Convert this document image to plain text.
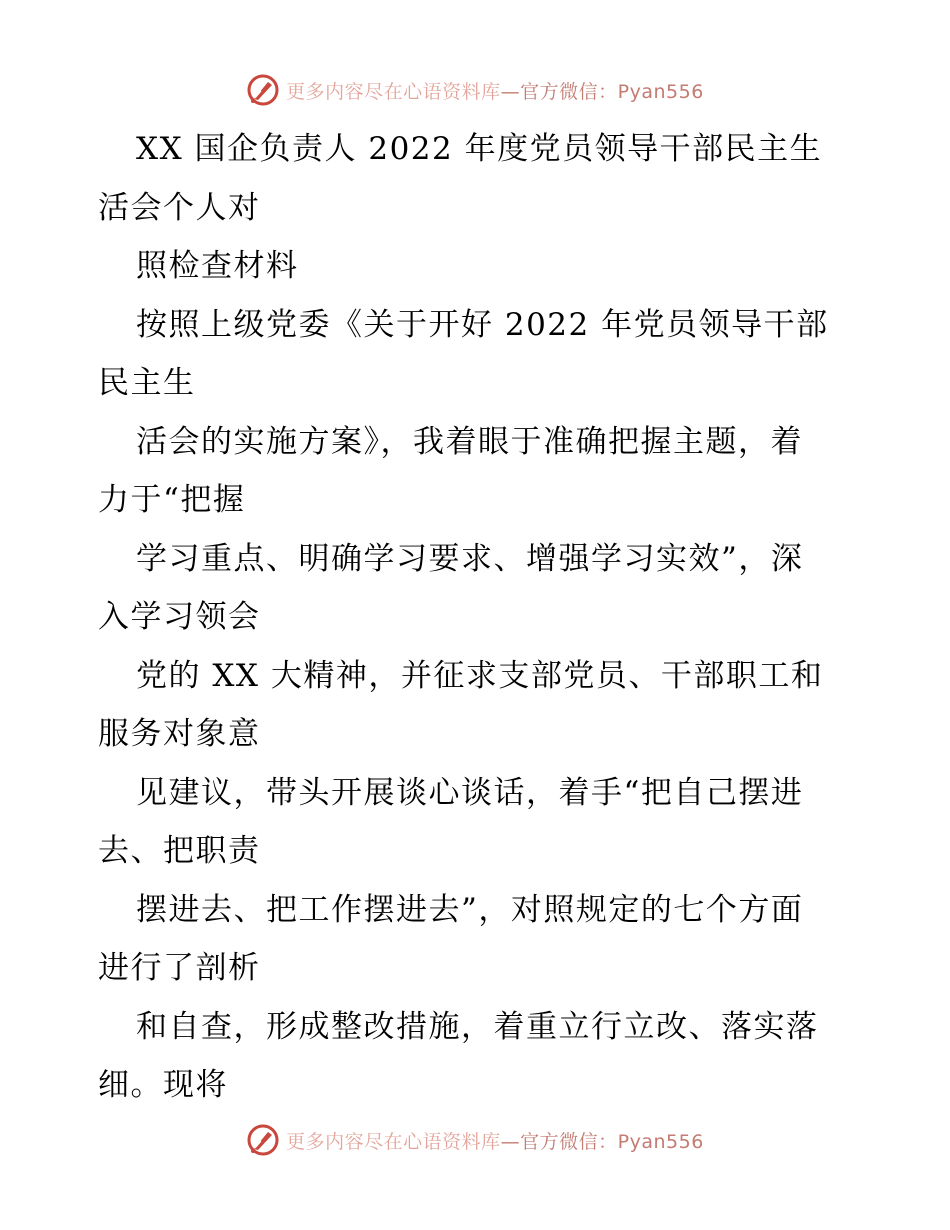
更多内容尽在心语资料库—官方微信：Pyan556

XX 国企负责人 2022 年度党员领导干部民主生

活会个人对

照检查材料

按照上级党委《关于开好 2022 年党员领导干部

民主生

活会的实施方案》，我着眼于准确把握主题，着

力于“把握

学习重点、明确学习要求、增强学习实效”，深

入学习领会

党的 XX 大精神，并征求支部党员、干部职工和

服务对象意

见建议，带头开展谈心谈话，着手“把自己摆进

去、把职责

摆进去、把工作摆进去”，对照规定的七个方面

进行了剖析

和自查，形成整改措施，着重立行立改、落实落

细。现将

更多内容尽在心语资料库—官方微信：Pyan556
